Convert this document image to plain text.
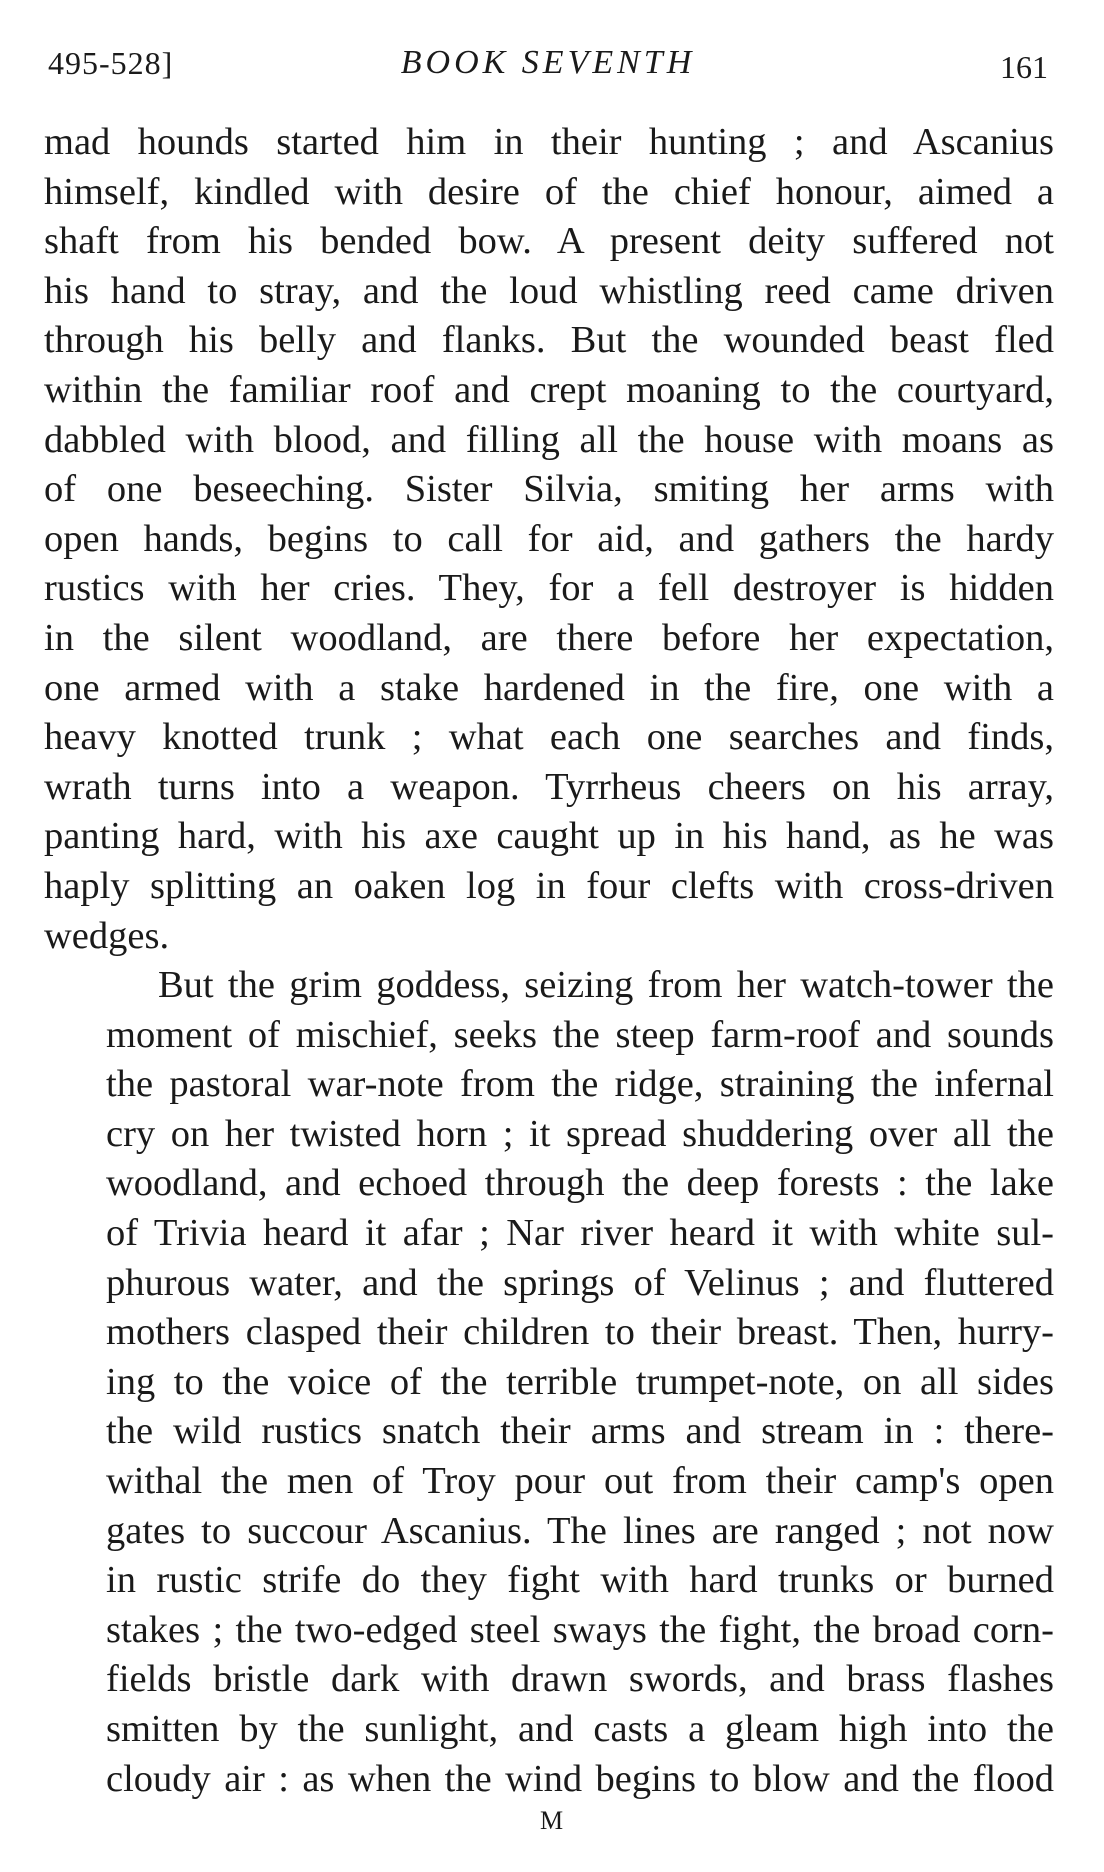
495-528]	BOOK SEVENTH	161
mad hounds started him in their hunting ; and Ascanius
himself, kindled with desire of the chief honour, aimed a
shaft from his bended bow. A present deity suffered not
his hand to stray, and the loud whistling reed came driven
through his belly and flanks. But the wounded beast fled
within the familiar roof and crept moaning to the courtyard,
dabbled with blood, and filling all the house with moans as
of one beseeching. Sister Silvia, smiting her arms with
open hands, begins to call for aid, and gathers the hardy
rustics with her cries. They, for a fell destroyer is hidden
in the silent woodland, are there before her expectation,
one armed with a stake hardened in the fire, one with a
heavy knotted trunk ; what each one searches and finds,
wrath turns into a weapon. Tyrrheus cheers on his array,
panting hard, with his axe caught up in his hand, as he was
haply splitting an oaken log in four clefts with cross-driven
wedges.
But the grim goddess, seizing from her watch-tower the
moment of mischief, seeks the steep farm-roof and sounds
the pastoral war-note from the ridge, straining the infernal
cry on her twisted horn ; it spread shuddering over all the
woodland, and echoed through the deep forests : the lake
of Trivia heard it afar ; Nar river heard it with white sul-
phurous water, and the springs of Velinus ; and fluttered
mothers clasped their children to their breast. Then, hurry-
ing to the voice of the terrible trumpet-note, on all sides
the wild rustics snatch their arms and stream in : there-
withal the men of Troy pour out from their camp's open
gates to succour Ascanius. The lines are ranged ; not now
in rustic strife do they fight with hard trunks or burned
stakes ; the two-edged steel sways the fight, the broad corn-
fields bristle dark with drawn swords, and brass flashes
smitten by the sunlight, and casts a gleam high into the
cloudy air : as when the wind begins to blow and the flood
M
